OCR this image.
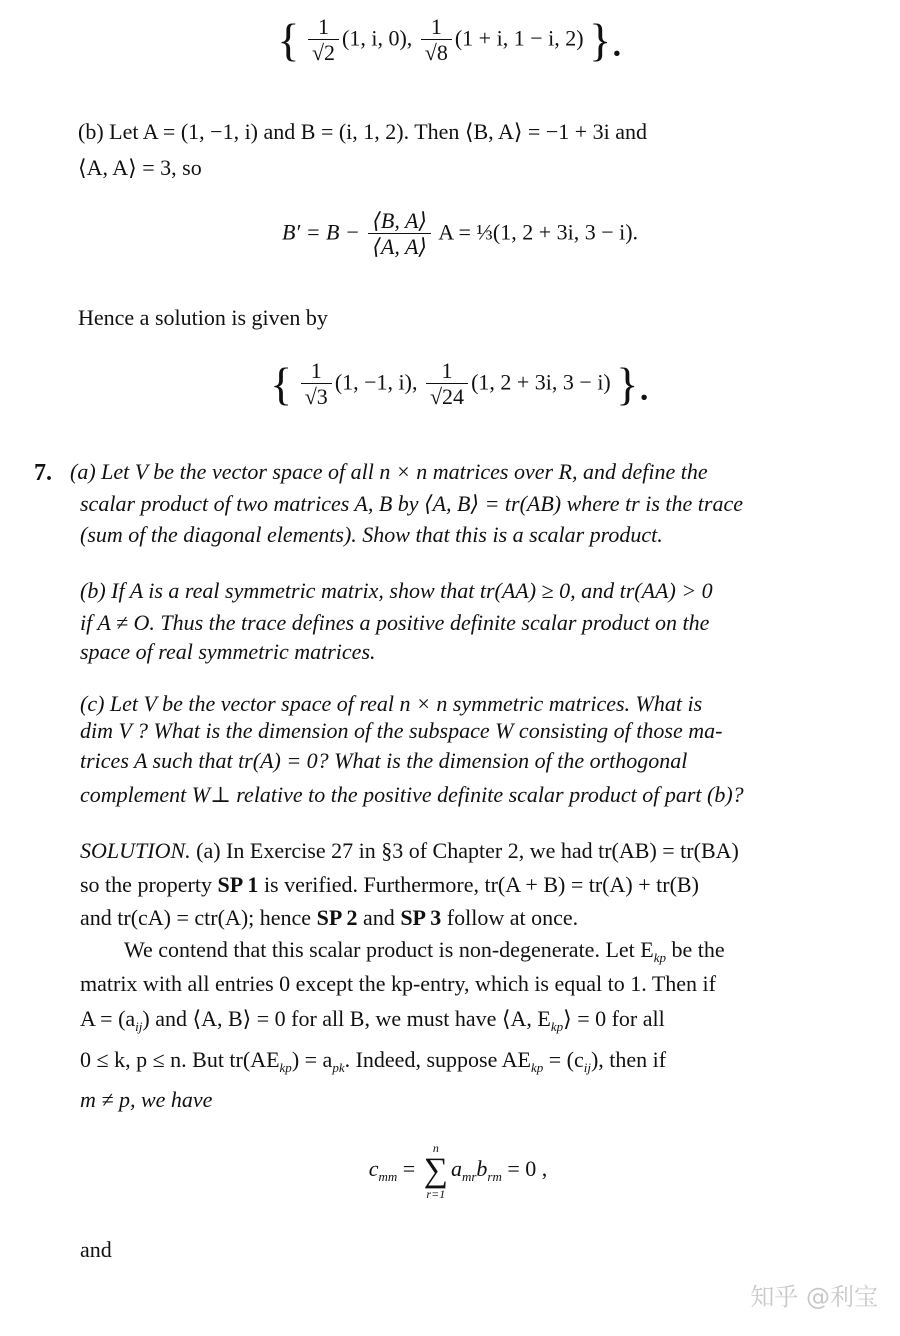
{ $\frac{1}{√2} (1$, i, 0), $\frac{1}{√8} (1 + i$, 1 − i, 2) }.
(b) Let A = (1, −1, i) and B = (i, 1, 2). Then ⟨B, A⟩ = −1 + 3i and
⟨A, A⟩ = 3, so
$B' = B - \frac{⟨B, A⟩}{⟨A, A⟩}$ A = ⅓(1, 2 + 3i, 3 − i).
Hence a solution is given by
{ $\frac{1}{√3} (1$, −1, i), $\frac{1}{√24} (1$, 2 + 3i, 3 − i) }.
7. (a) Let V be the vector space of all n × n matrices over R, and define the
scalar product of two matrices A, B by ⟨A, B⟩ = tr(AB) where tr is the trace
(sum of the diagonal elements). Show that this is a scalar product.
(b) If A is a real symmetric matrix, show that tr(AA) ≥ 0, and tr(AA) > 0
if A ≠ O. Thus the trace defines a positive definite scalar product on the
space of real symmetric matrices.
(c) Let V be the vector space of real n × n symmetric matrices. What is
dim V ? What is the dimension of the subspace W consisting of those ma-
trices A such that tr(A) = 0? What is the dimension of the orthogonal
complement W⊥ relative to the positive definite scalar product of part (b)?
SOLUTION. (a) In Exercise 27 in §3 of Chapter 2, we had tr(AB) = tr(BA)
so the property SP 1 is verified. Furthermore, tr(A + B) = tr(A) + tr(B)
and tr(cA) = ctr(A); hence SP 2 and SP 3 follow at once.
We contend that this scalar product is non-degenerate. Let $E_{kp}$ be the
matrix with all entries 0 except the kp-entry, which is equal to 1. Then if
$A = (a_{ij})$ and ⟨A, B⟩ = 0 for all B, we must have ⟨A, $E_{kp}⟩ = 0$ for all
0 ≤ k, p ≤ n. But $tr(AE_{kp}) = a_{pk}$. Indeed, suppose $AE_{kp} = (c_{ij})$, then if
m ≠ p, we have
$c_{mm}$ =
n
∑
r=1
$a_{mr}b_{rm} = 0$ ,
and
知乎 @利宝
